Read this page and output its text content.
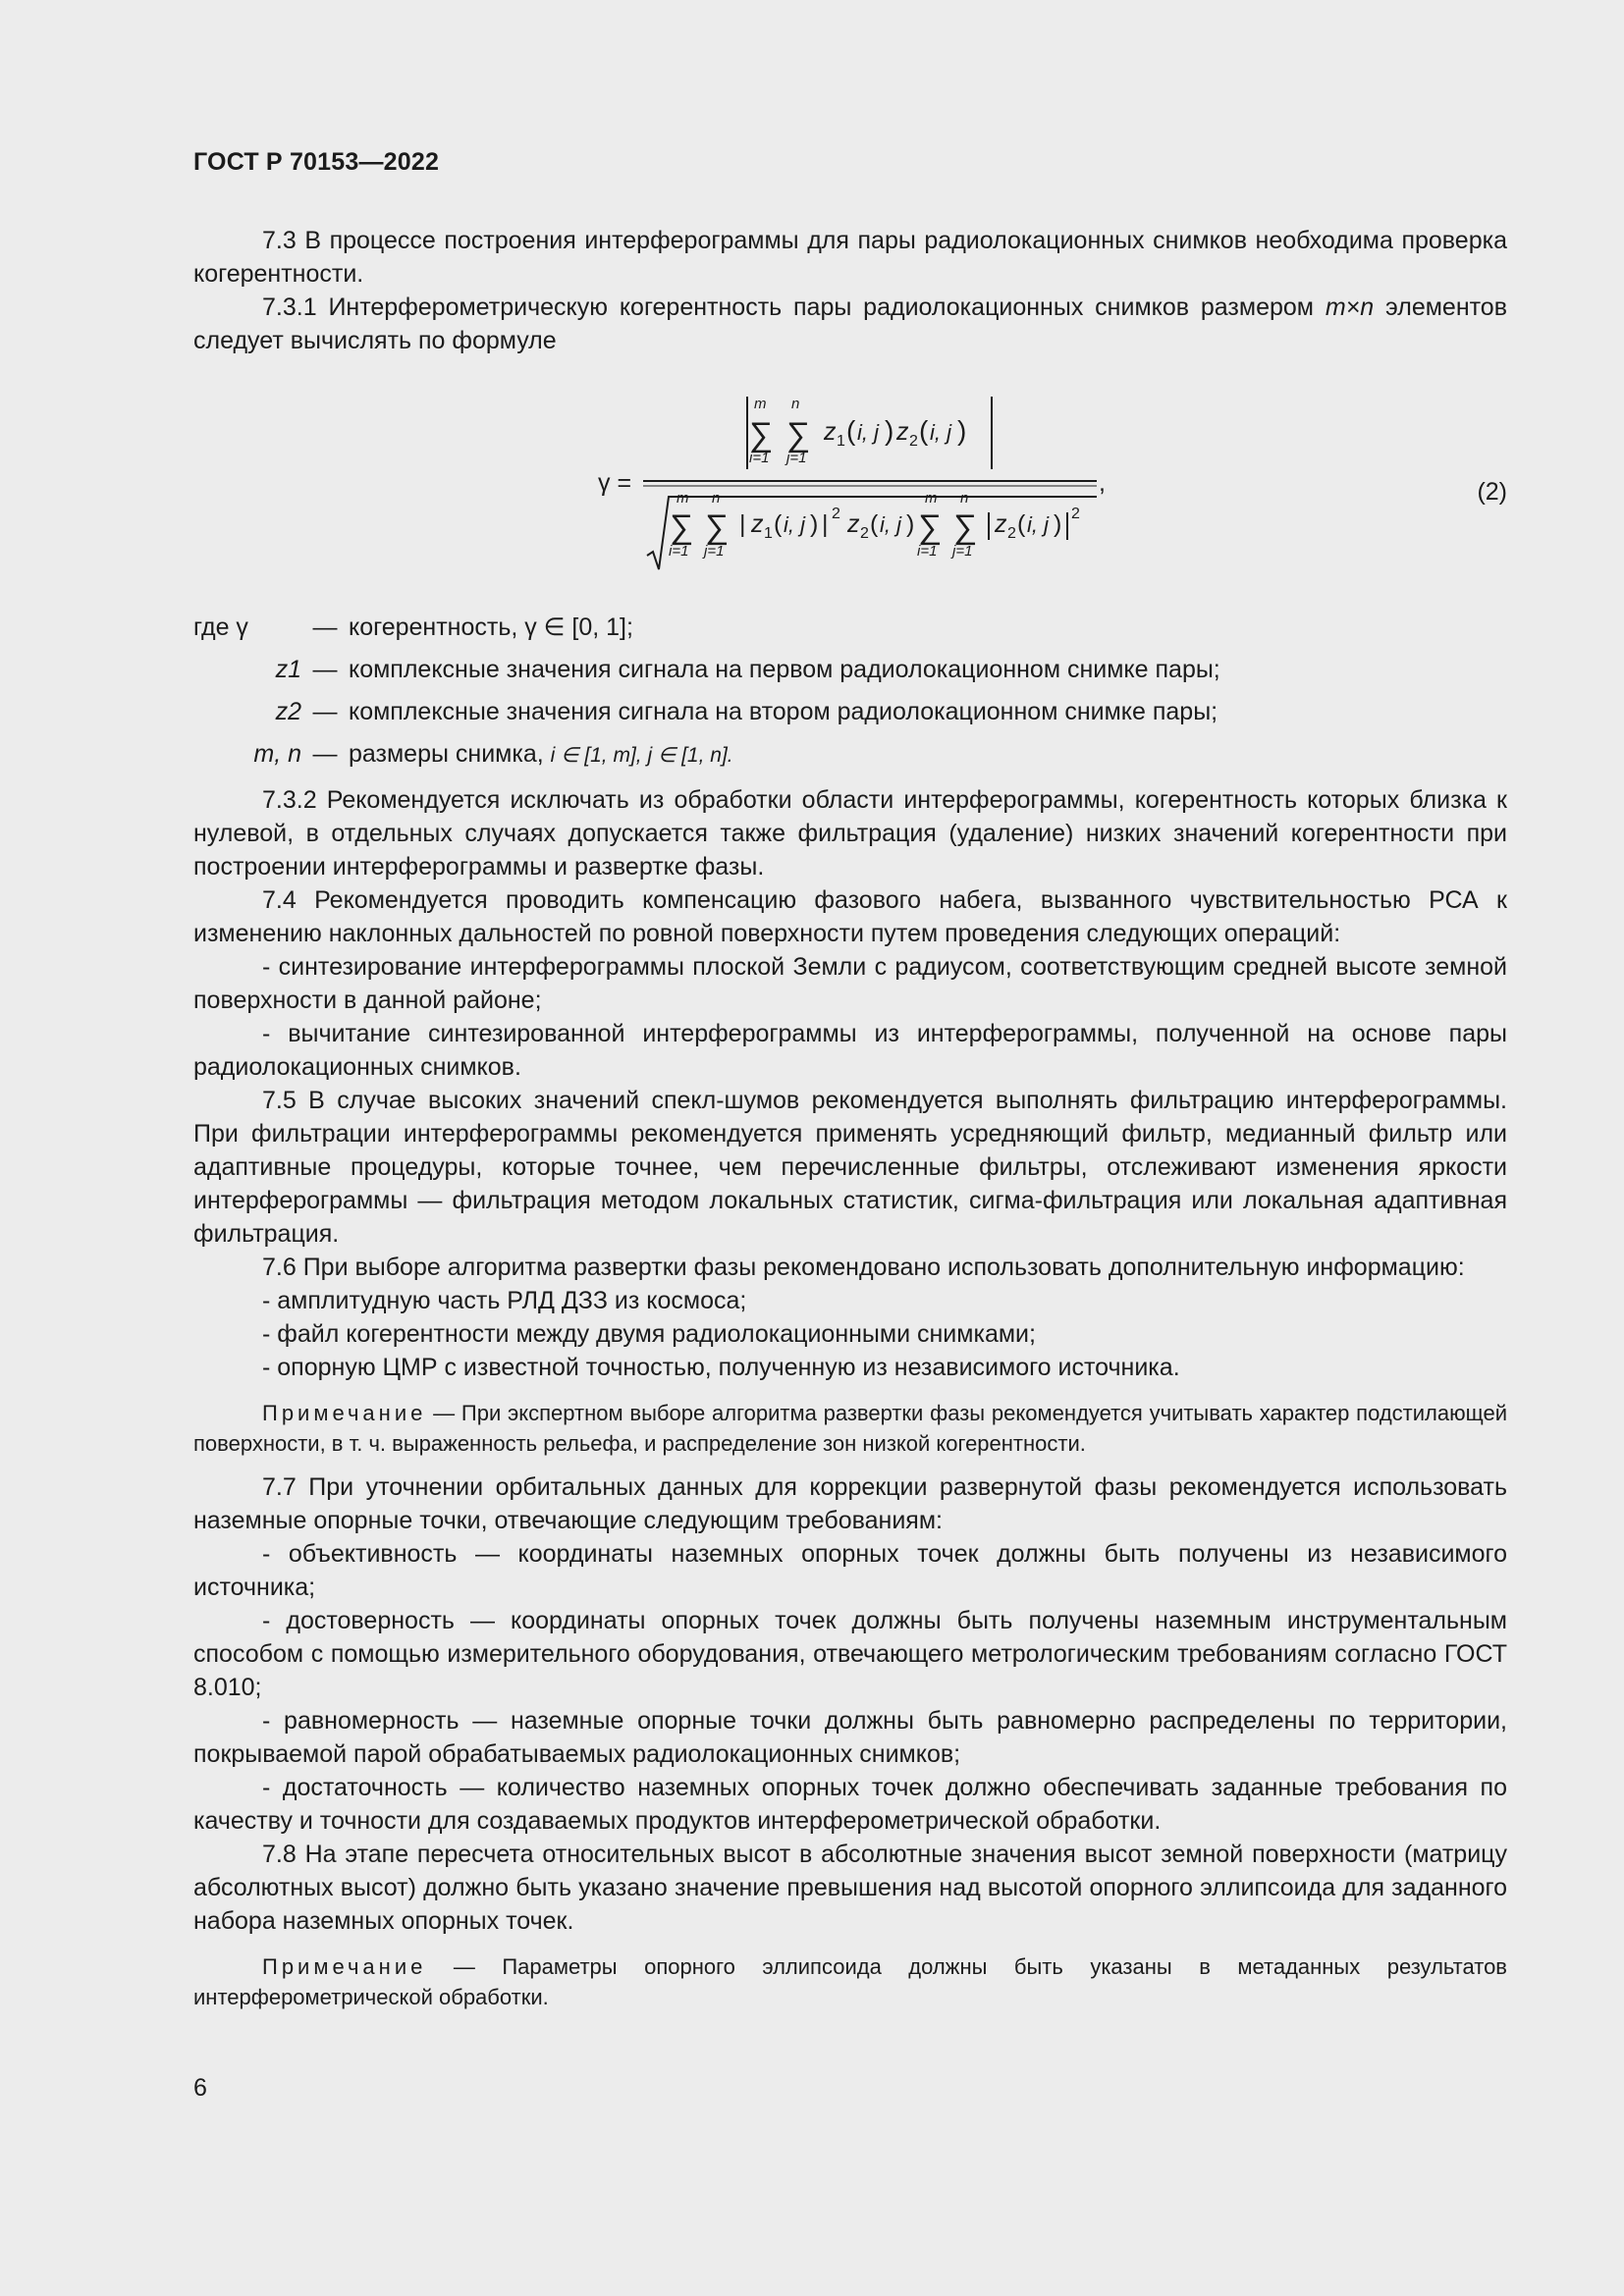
ГОСТ Р 70153—2022

7.3 В процессе построения интерферограммы для пары радиолокационных снимков необходима проверка когерентности.

7.3.1 Интерферометрическую когерентность пары радиолокационных снимков размером m×n элементов следует вычислять по формуле

γ =
m
∑
i=1
n
∑
j=1
z 1 ( i, j ) z 2 ( i, j )
,
m
∑
i=1
n
∑
j=1
| z 1 ( i, j ) | 2 z 2 ( i, j )
m
∑
i=1
n
∑
j=1
z 2 ( i, j ) 2
(2)
где γ	— когерентность, γ ∈ [0, 1];
z1 — комплексные значения сигнала на первом радиолокационном снимке пары;
z2 — комплексные значения сигнала на втором радиолокационном снимке пары;
m, n — размеры снимка, i ∈ [1, m], j ∈ [1, n].

7.3.2 Рекомендуется исключать из обработки области интерферограммы, когерентность которых близка к нулевой, в отдельных случаях допускается также фильтрация (удаление) низких значений когерентности при построении интерферограммы и развертке фазы.

7.4 Рекомендуется проводить компенсацию фазового набега, вызванного чувствительностью РСА к изменению наклонных дальностей по ровной поверхности путем проведения следующих операций:

- синтезирование интерферограммы плоской Земли с радиусом, соответствующим средней высоте земной поверхности в данной районе;

- вычитание синтезированной интерферограммы из интерферограммы, полученной на основе пары радиолокационных снимков.

7.5 В случае высоких значений спекл-шумов рекомендуется выполнять фильтрацию интерферограммы. При фильтрации интерферограммы рекомендуется применять усредняющий фильтр, медианный фильтр или адаптивные процедуры, которые точнее, чем перечисленные фильтры, отслеживают изменения яркости интерферограммы — фильтрация методом локальных статистик, сигма-фильтрация или локальная адаптивная фильтрация.

7.6 При выборе алгоритма развертки фазы рекомендовано использовать дополнительную информацию:

- амплитудную часть РЛД ДЗЗ из космоса;

- файл когерентности между двумя радиолокационными снимками;

- опорную ЦМР с известной точностью, полученную из независимого источника.

Примечание — При экспертном выборе алгоритма развертки фазы рекомендуется учитывать характер подстилающей поверхности, в т. ч. выраженность рельефа, и распределение зон низкой когерентности.

7.7 При уточнении орбитальных данных для коррекции развернутой фазы рекомендуется использовать наземные опорные точки, отвечающие следующим требованиям:

- объективность — координаты наземных опорных точек должны быть получены из независимого источника;

- достоверность — координаты опорных точек должны быть получены наземным инструментальным способом с помощью измерительного оборудования, отвечающего метрологическим требованиям согласно ГОСТ 8.010;

- равномерность — наземные опорные точки должны быть равномерно распределены по территории, покрываемой парой обрабатываемых радиолокационных снимков;

- достаточность — количество наземных опорных точек должно обеспечивать заданные требования по качеству и точности для создаваемых продуктов интерферометрической обработки.

7.8 На этапе пересчета относительных высот в абсолютные значения высот земной поверхности (матрицу абсолютных высот) должно быть указано значение превышения над высотой опорного эллипсоида для заданного набора наземных опорных точек.

Примечание — Параметры опорного эллипсоида должны быть указаны в метаданных результатов интерферометрической обработки.

6
